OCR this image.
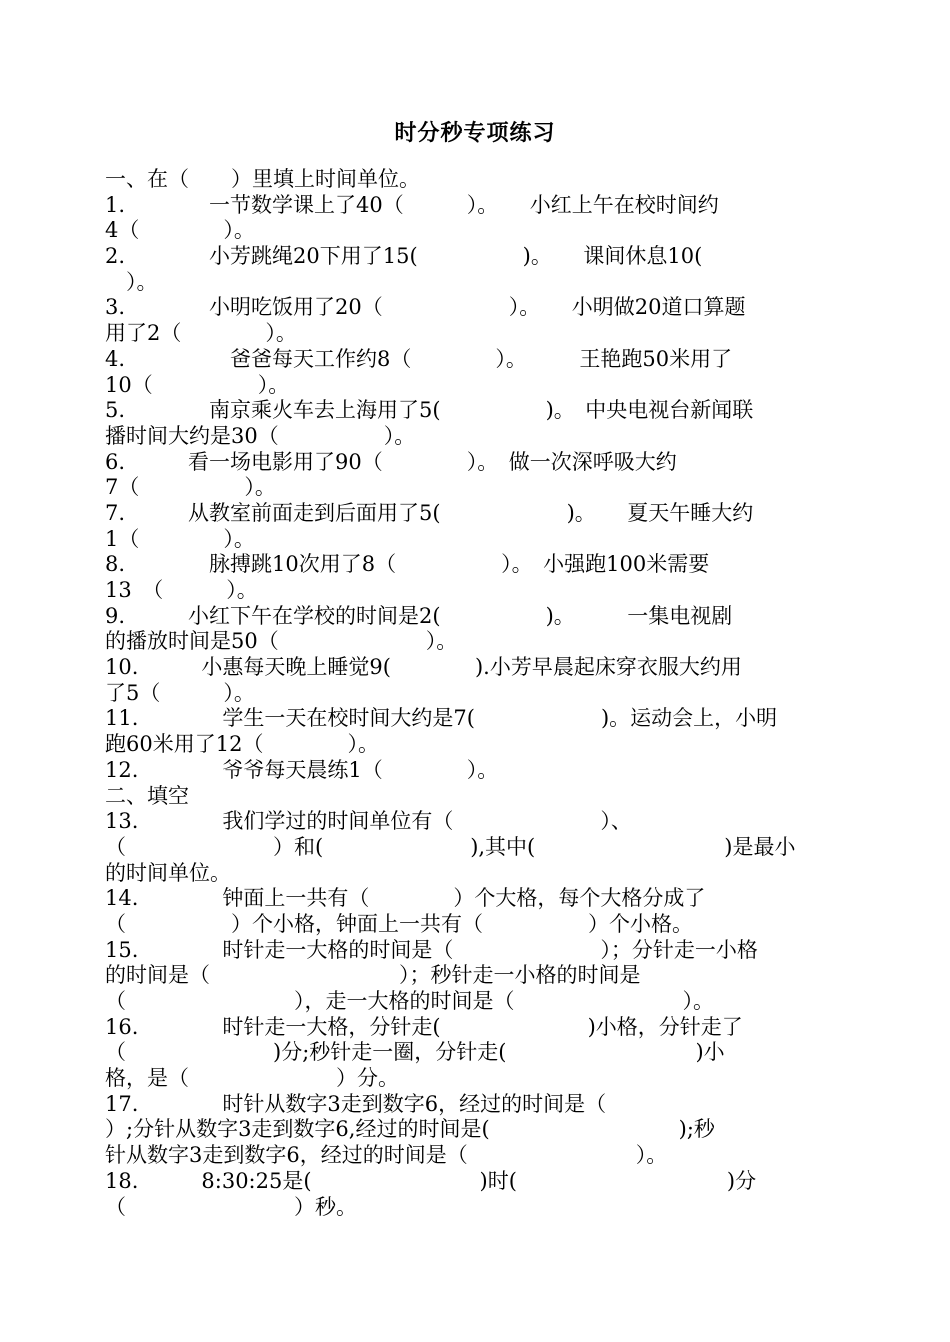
时分秒专项练习
一、在（　　）里填上时间单位。
1.　　　　一节数学课上了40（　　　）。　　小红上午在校时间约
4（　　　　）。
2.　　　　小芳跳绳20下用了15(　　　　　)。　　课间休息10(
　）。
3.　　　　小明吃饭用了20（　　　　　　）。　　小明做20道口算题
用了2（　　　　）。
4.　　　　　爸爸每天工作约8（　　　　）。　　　王艳跑50米用了
10（　　　　　）。
5.　　　　南京乘火车去上海用了5(　　　　　)。　中央电视台新闻联
播时间大约是30（　　　　　）。
6.　　　看一场电影用了90（　　　　）。　做一次深呼吸大约
7（　　　　　）。
7.　　　从教室前面走到后面用了5(　　　　　　)。　　夏天午睡大约
1（　　　　）。
8.　　　　脉搏跳10次用了8（　　　　　）。　小强跑100米需要
13　（　　　）。
9.　　　小红下午在学校的时间是2(　　　　　)。　　　一集电视剧
的播放时间是50（　　　　　　　）。
10.　　　小惠每天晚上睡觉9(　　　　).小芳早晨起床穿衣服大约用
了5（　　　）。
11.　　　　学生一天在校时间大约是7(　　　　　　)。运动会上，小明
跑60米用了12（　　　　）。
12.　　　　爷爷每天晨练1（　　　　）。
二、填空
13.　　　　我们学过的时间单位有（　　　　　　　）、
（　　　　　　　）和(　　　　　　　),其中(　　　　　　　　　)是最小
的时间单位。
14.　　　　钟面上一共有（　　　　）个大格，每个大格分成了
（　　　　　）个小格，钟面上一共有（　　　　　）个小格。
15.　　　　时针走一大格的时间是（　　　　　　　）；分针走一小格
的时间是（　　　　　　　　　）；秒针走一小格的时间是
（　　　　　　　　），走一大格的时间是（　　　　　　　　）。
16.　　　　时针走一大格，分针走(　　　　　　　)小格，分针走了
（　　　　　　　)分;秒针走一圈，分针走(　　　　　　　　　)小
格，是（　　　　　　　）分。
17.　　　　时针从数字3走到数字6，经过的时间是（
）;分针从数字3走到数字6,经过的时间是(　　　　　　　　　);秒
针从数字3走到数字6，经过的时间是（　　　　　　　　）。
18.　　　8:30:25是(　　　　　　　　)时(　　　　　　　　　　)分
（　　　　　　　　）秒。
